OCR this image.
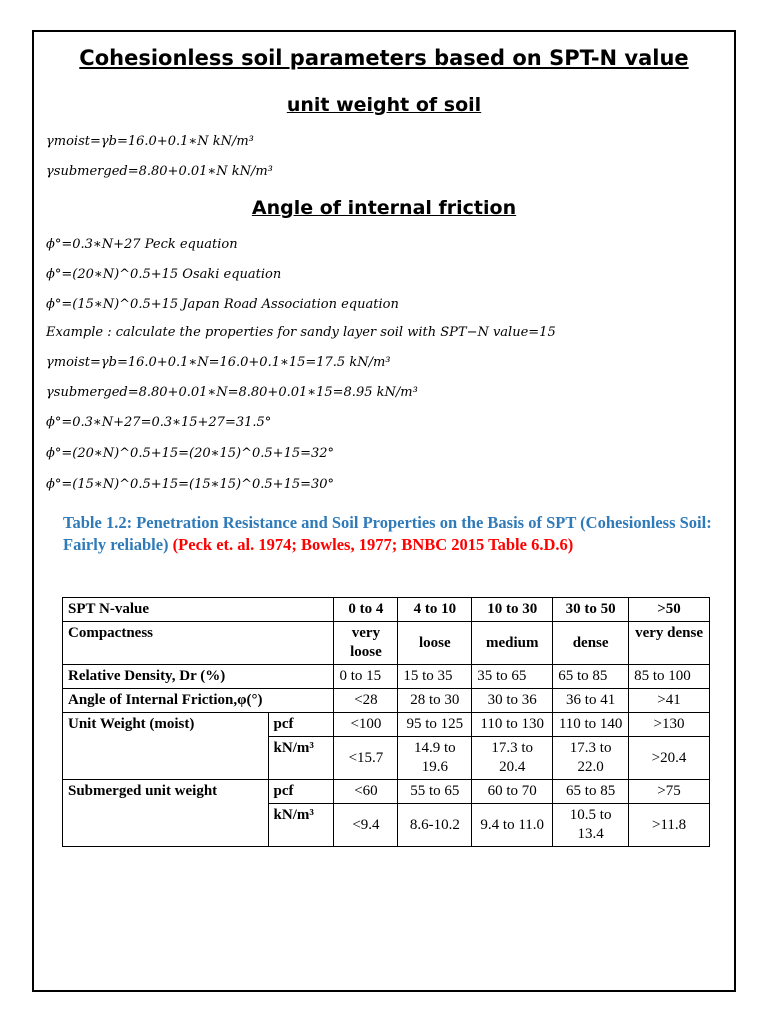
Cohesionless soil parameters based on SPT-N value
unit weight of soil
γmoist=γb=16.0+0.1∗N kN/m³
γsubmerged=8.80+0.01∗N kN/m³
Angle of internal friction
ϕ°=0.3∗N+27 Peck equation
ϕ°=(20∗N)^0.5+15 Osaki equation
ϕ°=(15∗N)^0.5+15 Japan Road Association equation
Example : calculate the properties for sandy layer soil with SPT−N value=15
γmoist=γb=16.0+0.1∗N=16.0+0.1∗15=17.5 kN/m³
γsubmerged=8.80+0.01∗N=8.80+0.01∗15=8.95 kN/m³
ϕ°=0.3∗N+27=0.3∗15+27=31.5°
ϕ°=(20∗N)^0.5+15=(20∗15)^0.5+15=32°
ϕ°=(15∗N)^0.5+15=(15∗15)^0.5+15=30°
Table 1.2: Penetration Resistance and Soil Properties on the Basis of SPT (Cohesionless Soil: Fairly reliable) (Peck et. al. 1974; Bowles, 1977; BNBC 2015 Table 6.D.6)
SPT N-value		0 to 4	4 to 10	10 to 30	30 to 50	>50
Compactness		very loose	loose	medium	dense	very dense
Relative Density, Dr (%)		0 to 15	15 to 35	35 to 65	65 to 85	85 to 100
Angle of Internal Friction,φ(°)		<28	28 to 30	30 to 36	36 to 41	>41
Unit Weight (moist)	pcf	<100	95 to 125	110 to 130	110 to 140	>130
	kN/m³	<15.7	14.9 to 19.6	17.3 to 20.4	17.3 to 22.0	>20.4
Submerged unit weight	pcf	<60	55 to 65	60 to 70	65 to 85	>75
	kN/m³	<9.4	8.6-10.2	9.4 to 11.0	10.5 to 13.4	>11.8
